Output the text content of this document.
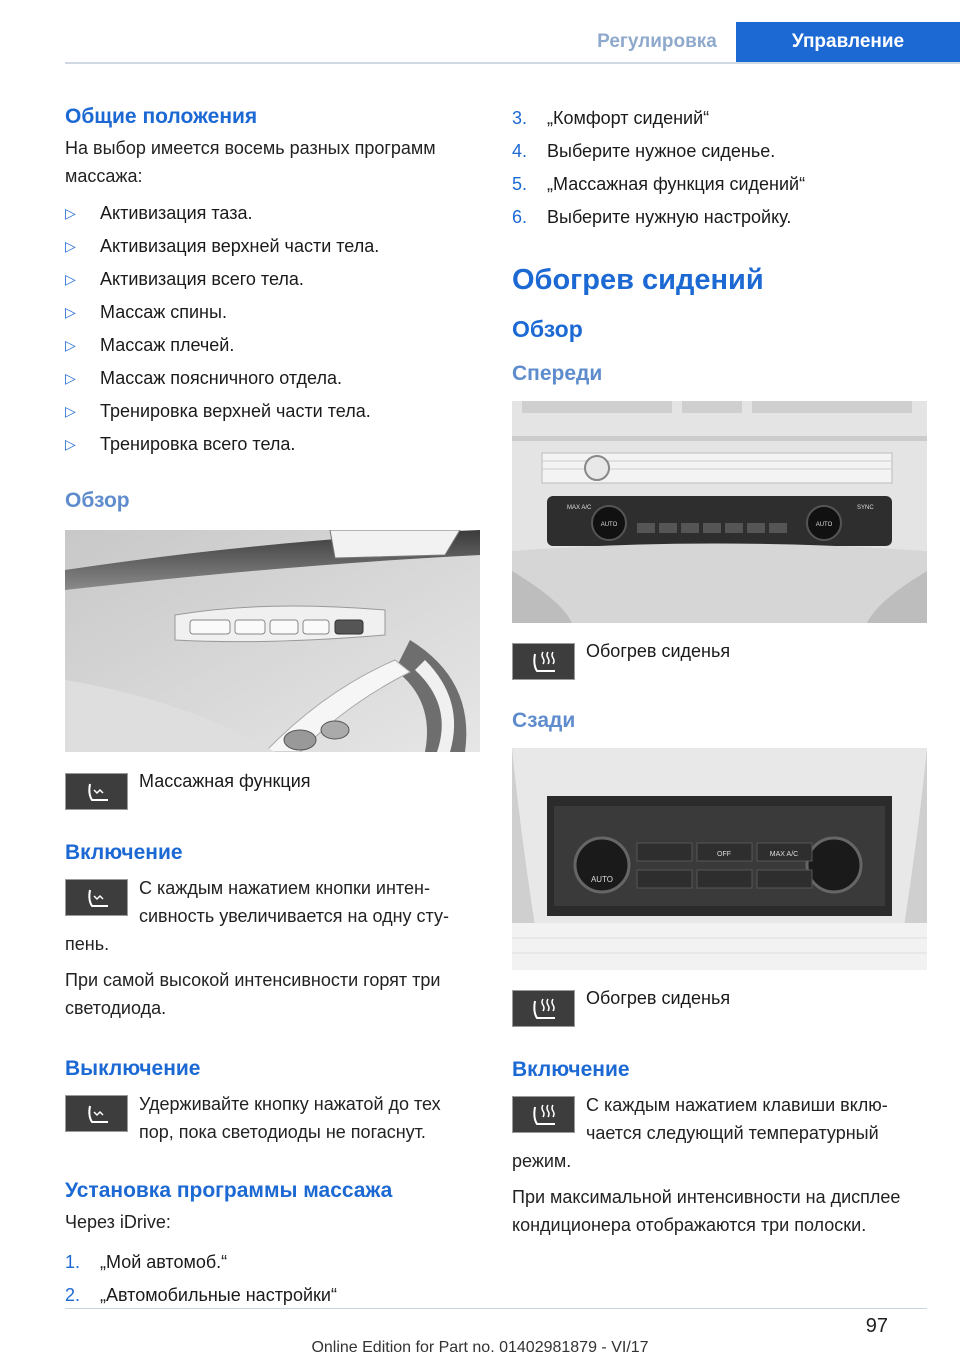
Регулировка	Управление
Общие положения
На выбор имеется восемь разных программ массажа:
▷ Активизация таза.
▷ Активизация верхней части тела.
▷ Активизация всего тела.
▷ Массаж спины.
▷ Массаж плечей.
▷ Массаж поясничного отдела.
▷ Тренировка верхней части тела.
▷ Тренировка всего тела.
Обзор
Массажная функция
Включение
С каждым нажатием кнопки интенсивность увеличивается на одну ступень.
При самой высокой интенсивности горят три светодиода.
Выключение
Удерживайте кнопку нажатой до тех пор, пока светодиоды не погаснут.
Установка программы массажа
Через iDrive:
1. „Мой автомоб.“
2. „Автомобильные настройки“
3. „Комфорт сидений“
4. Выберите нужное сиденье.
5. „Массажная функция сидений“
6. Выберите нужную настройку.
Обогрев сидений
Обзор
Спереди
AUTO	AUTO
MAX A/C	SYNC
Обогрев сиденья
Сзади
AUTO
OFF	MAX A/C
Обогрев сиденья
Включение
С каждым нажатием клавиши включается следующий температурный режим.
При максимальной интенсивности на дисплее кондиционера отображаются три полоски.
97
Online Edition for Part no. 01402981879 - VI/17
